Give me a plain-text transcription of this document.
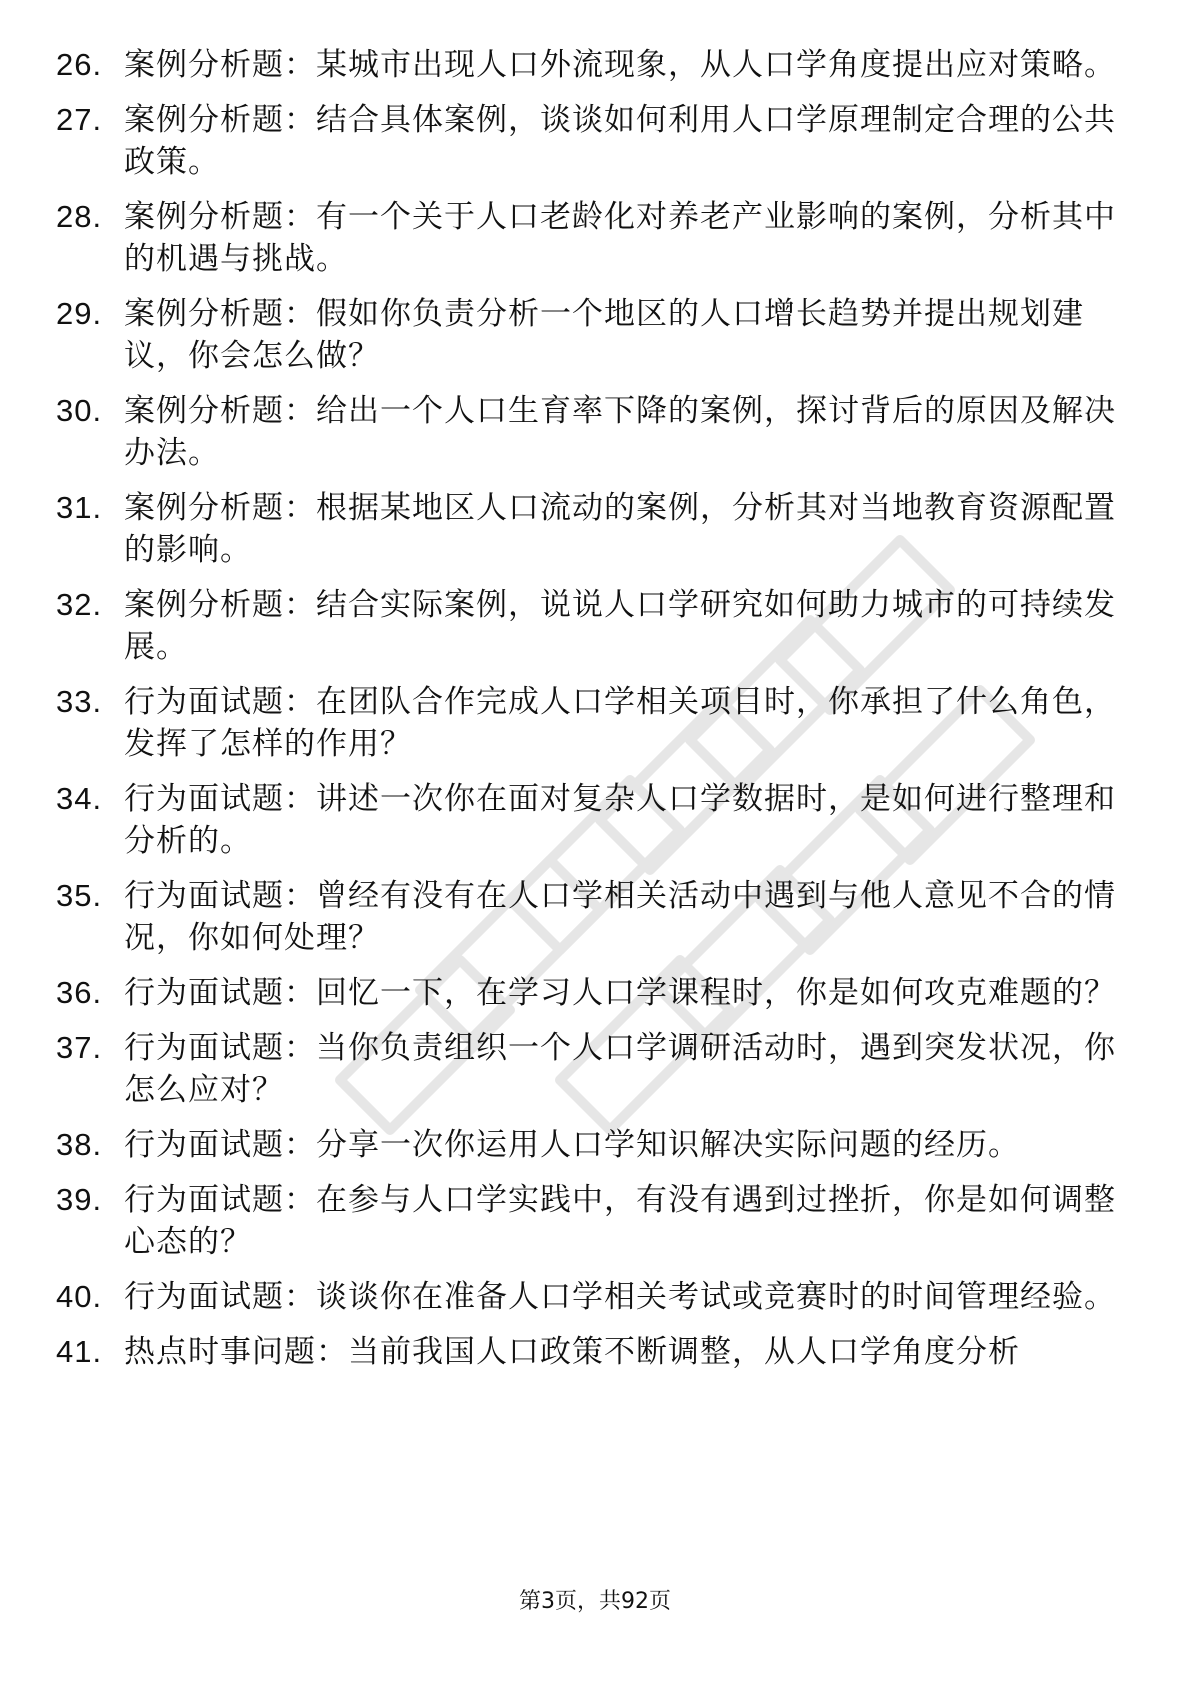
26. 案例分析题：某城市出现人口外流现象，从人口学角度提出应对策略。
27. 案例分析题：结合具体案例，谈谈如何利用人口学原理制定合理的公共政策。
28. 案例分析题：有一个关于人口老龄化对养老产业影响的案例，分析其中的机遇与挑战。
29. 案例分析题：假如你负责分析一个地区的人口增长趋势并提出规划建议，你会怎么做？
30. 案例分析题：给出一个人口生育率下降的案例，探讨背后的原因及解决办法。
31. 案例分析题：根据某地区人口流动的案例，分析其对当地教育资源配置的影响。
32. 案例分析题：结合实际案例，说说人口学研究如何助力城市的可持续发展。
33. 行为面试题：在团队合作完成人口学相关项目时，你承担了什么角色，发挥了怎样的作用？
34. 行为面试题：讲述一次你在面对复杂人口学数据时，是如何进行整理和分析的。
35. 行为面试题：曾经有没有在人口学相关活动中遇到与他人意见不合的情况，你如何处理？
36. 行为面试题：回忆一下，在学习人口学课程时，你是如何攻克难题的？
37. 行为面试题：当你负责组织一个人口学调研活动时，遇到突发状况，你怎么应对？
38. 行为面试题：分享一次你运用人口学知识解决实际问题的经历。
39. 行为面试题：在参与人口学实践中，有没有遇到过挫折，你是如何调整心态的？
40. 行为面试题：谈谈你在准备人口学相关考试或竞赛时的时间管理经验。
41. 热点时事问题：当前我国人口政策不断调整，从人口学角度分析
第3页，共92页
